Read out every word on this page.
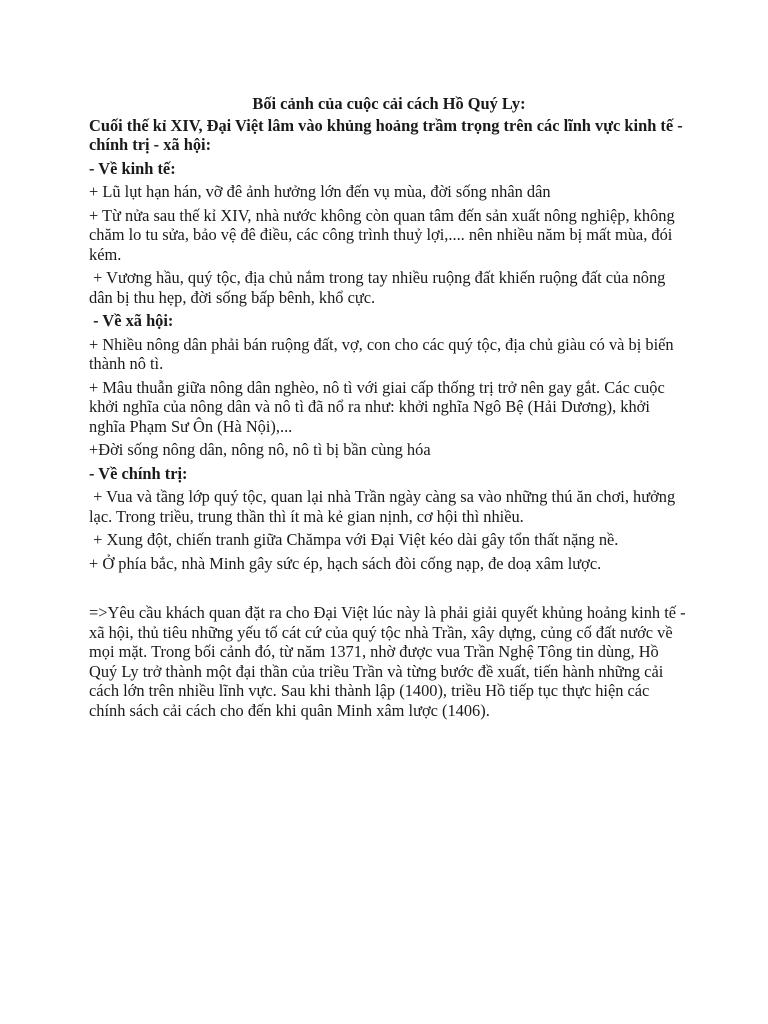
Bối cảnh của cuộc cải cách Hồ Quý Ly:

Cuối thế kỉ XIV, Đại Việt lâm vào khủng hoảng trầm trọng trên các lĩnh vực kinh tế - chính trị - xã hội:

- Về kinh tế:

+ Lũ lụt hạn hán, vỡ đê ảnh hưởng lớn đến vụ mùa, đời sống nhân dân

+ Từ nửa sau thế kỉ XIV, nhà nước không còn quan tâm đến sản xuất nông nghiệp, không chăm lo tu sửa, bảo vệ đê điều, các công trình thuỷ lợi,.... nên nhiều năm bị mất mùa, đói kém.

+ Vương hầu, quý tộc, địa chủ nắm trong tay nhiều ruộng đất khiến ruộng đất của nông dân bị thu hẹp, đời sống bấp bênh, khổ cực.

- Về xã hội:

+ Nhiều nông dân phải bán ruộng đất, vợ, con cho các quý tộc, địa chủ giàu có và bị biến thành nô tì.

+ Mâu thuẫn giữa nông dân nghèo, nô tì với giai cấp thống trị trở nên gay gắt. Các cuộc khởi nghĩa của nông dân và nô tì đã nổ ra như: khởi nghĩa Ngô Bệ (Hải Dương), khởi nghĩa Phạm Sư Ôn (Hà Nội),...

+Đời sống nông dân, nông nô, nô tì bị bần cùng hóa

- Về chính trị:

+ Vua và tầng lớp quý tộc, quan lại nhà Trần ngày càng sa vào những thú ăn chơi, hưởng lạc. Trong triều, trung thần thì ít mà kẻ gian nịnh, cơ hội thì nhiều.

+ Xung đột, chiến tranh giữa Chămpa với Đại Việt kéo dài gây tổn thất nặng nề.

+ Ở phía bắc, nhà Minh gây sức ép, hạch sách đòi cống nạp, đe doạ xâm lược.

=>Yêu cầu khách quan đặt ra cho Đại Việt lúc này là phải giải quyết khủng hoảng kinh tế - xã hội, thủ tiêu những yếu tố cát cứ của quý tộc nhà Trần, xây dựng, củng cố đất nước về mọi mặt. Trong bối cảnh đó, từ năm 1371, nhờ được vua Trần Nghệ Tông tin dùng, Hồ Quý Ly trở thành một đại thần của triều Trần và từng bước đề xuất, tiến hành những cải cách lớn trên nhiều lĩnh vực. Sau khi thành lập (1400), triều Hồ tiếp tục thực hiện các chính sách cải cách cho đến khi quân Minh xâm lược (1406).
